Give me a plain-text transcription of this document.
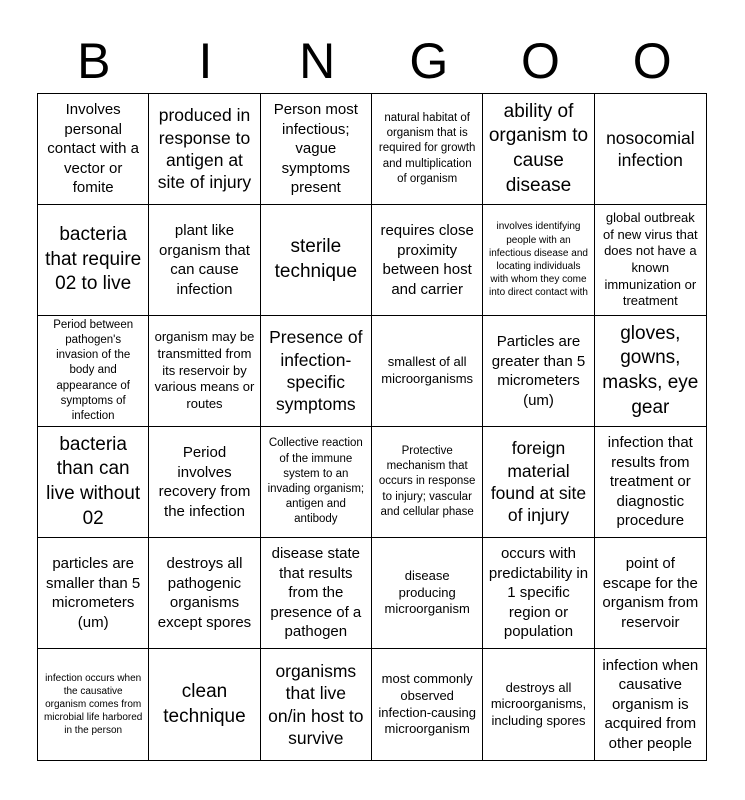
B	I	N	G	O	O
Involves personal contact with a vector or fomite
produced in response to antigen at site of injury
Person most infectious; vague symptoms present
natural habitat of organism that is required for growth and multiplication of organism
ability of organism to cause disease
nosocomial infection
bacteria that require 02 to live
plant like organism that can cause infection
sterile technique
requires close proximity between host and carrier
involves identifying people with an infectious disease and locating individuals with whom they come into direct contact with
global outbreak of new virus that does not have a known immunization or treatment
Period between pathogen's invasion of the body and appearance of symptoms of infection
organism may be transmitted from its reservoir by various means or routes
Presence of infection-specific symptoms
smallest of all microorganisms
Particles are greater than 5 micrometers (um)
gloves, gowns, masks, eye gear
bacteria than can live without 02
Period involves recovery from the infection
Collective reaction of the immune system to an invading organism; antigen and antibody
Protective mechanism that occurs in response to injury; vascular and cellular phase
foreign material found at site of injury
infection that results from treatment or diagnostic procedure
particles are smaller than 5 micrometers (um)
destroys all pathogenic organisms except spores
disease state that results from the presence of a pathogen
disease producing microorganism
occurs with predictability in 1 specific region or population
point of escape for the organism from reservoir
infection occurs when the causative organism comes from microbial life harbored in the person
clean technique
organisms that live on/in host to survive
most commonly observed infection-causing microorganism
destroys all microorganisms, including spores
infection when causative organism is acquired from other people
